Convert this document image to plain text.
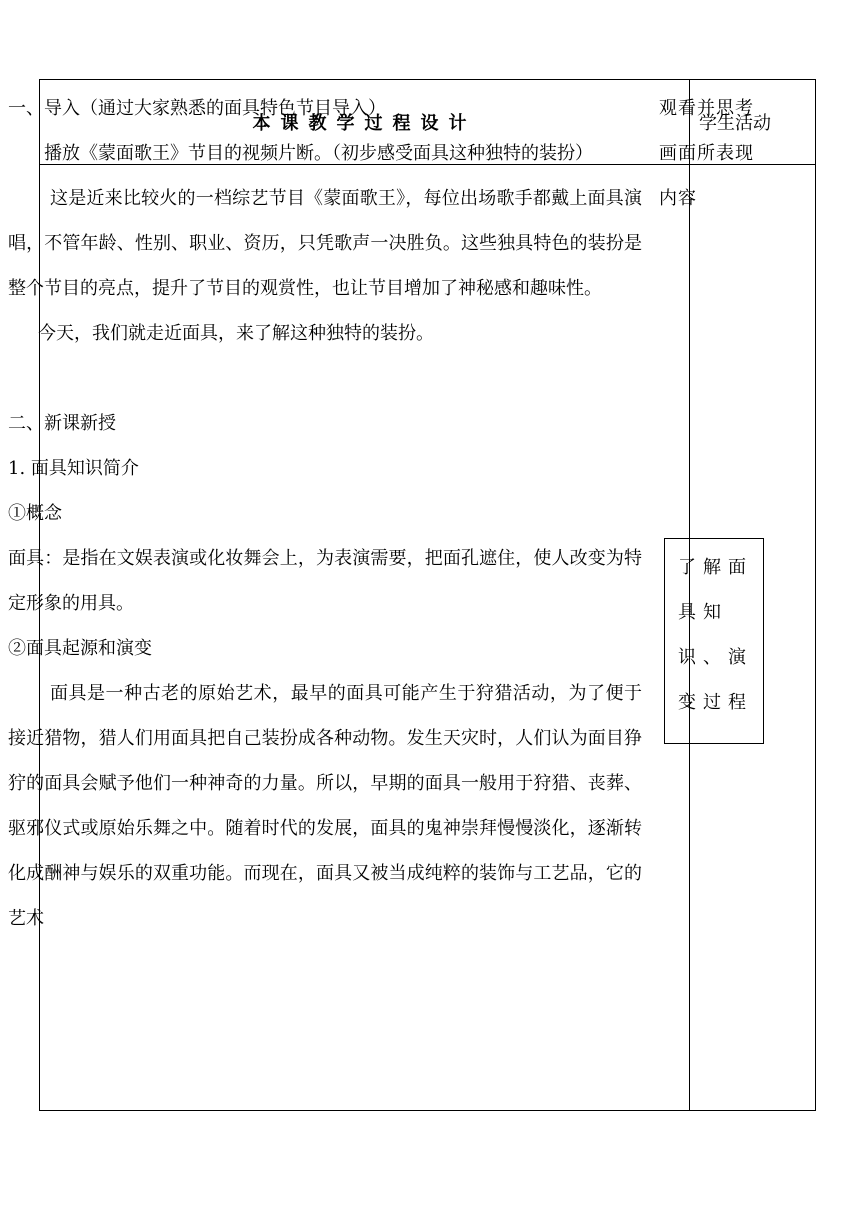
本课教学过程设计	学生活动

一、导入（通过大家熟悉的面具特色节目导入）

播放《蒙面歌王》节目的视频片断。（初步感受面具这种独特的装扮）

这是近来比较火的一档综艺节目《蒙面歌王》，每位出场歌手都戴上面具演唱，不管年龄、性别、职业、资历，只凭歌声一决胜负。这些独具特色的装扮是整个节目的亮点，提升了节目的观赏性，也让节目增加了神秘感和趣味性。

今天，我们就走近面具，来了解这种独特的装扮。

二、新课新授

1. 面具知识简介

①概念

面具：是指在文娱表演或化妆舞会上，为表演需要，把面孔遮住，使人改变为特定形象的用具。

②面具起源和演变

面具是一种古老的原始艺术，最早的面具可能产生于狩猎活动，为了便于接近猎物，猎人们用面具把自己装扮成各种动物。发生天灾时，人们认为面目狰狞的面具会赋予他们一种神奇的力量。所以，早期的面具一般用于狩猎、丧葬、驱邪仪式或原始乐舞之中。随着时代的发展，面具的鬼神崇拜慢慢淡化，逐渐转化成酬神与娱乐的双重功能。而现在，面具又被当成纯粹的装饰与工艺品，它的艺术

观看并思考画面所表现内容
了解面具知识、演变过程
